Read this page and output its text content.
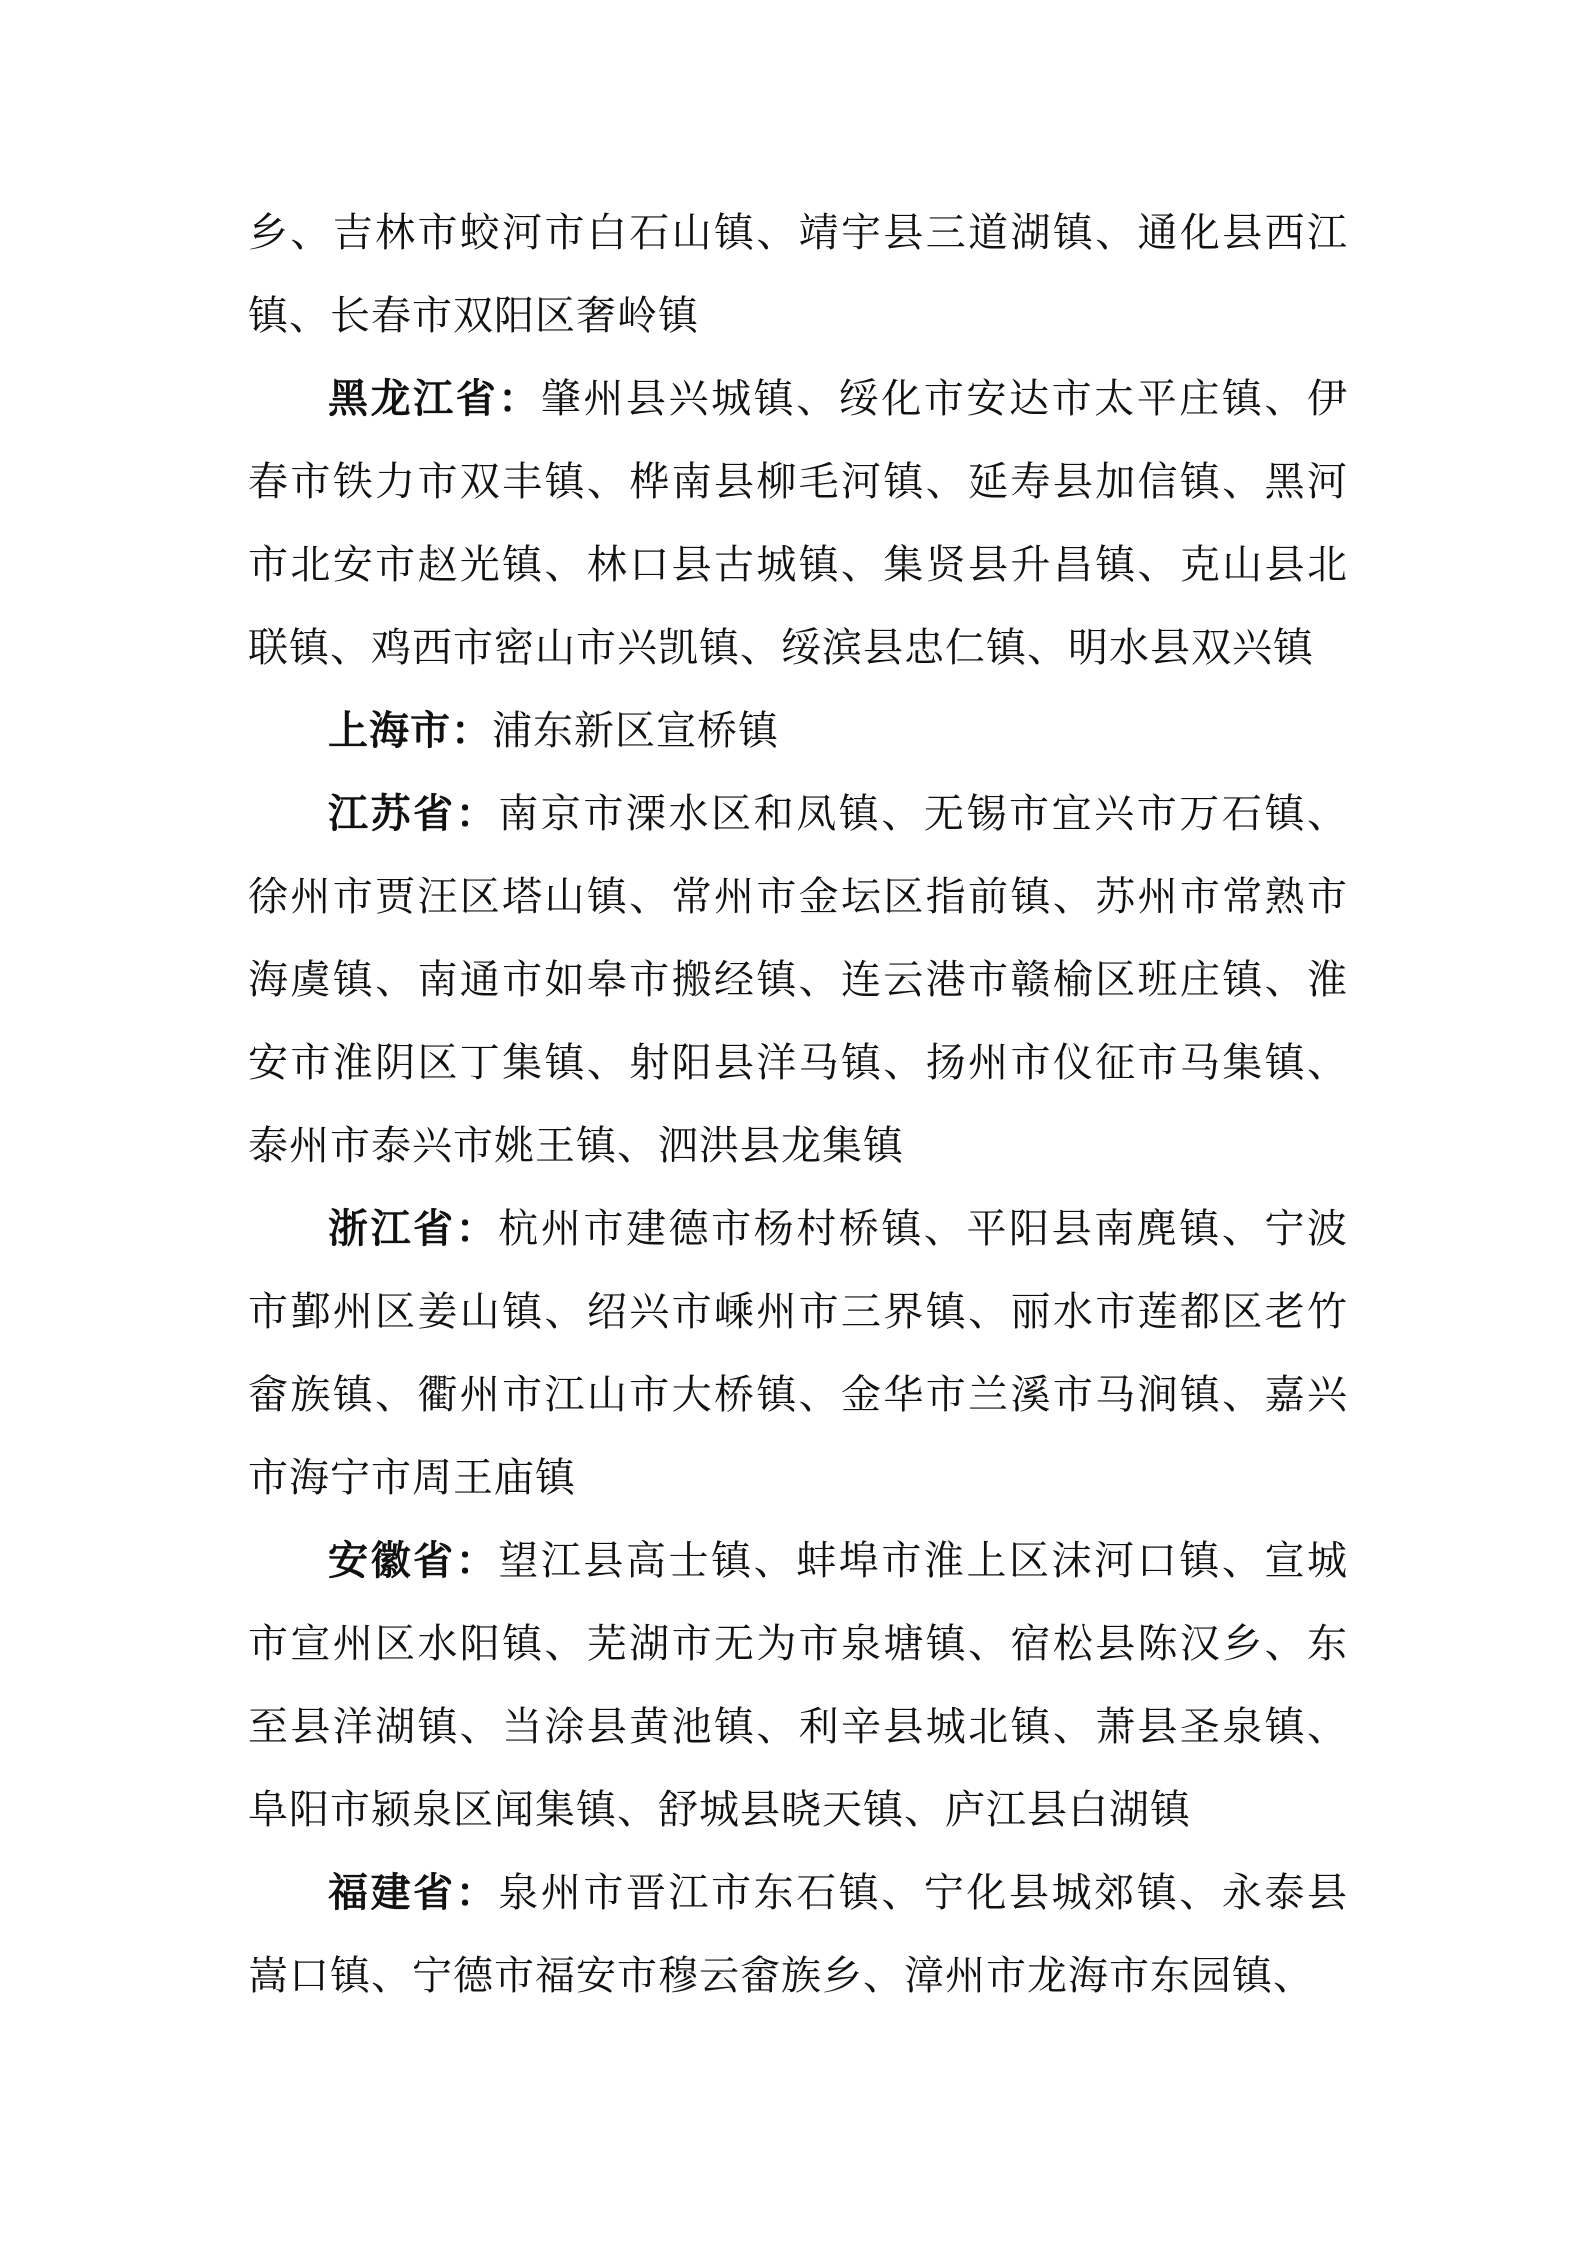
乡、吉林市蛟河市白石山镇、靖宇县三道湖镇、通化县西江
镇、长春市双阳区奢岭镇
黑龙江省：肇州县兴城镇、绥化市安达市太平庄镇、伊
春市铁力市双丰镇、桦南县柳毛河镇、延寿县加信镇、黑河
市北安市赵光镇、林口县古城镇、集贤县升昌镇、克山县北
联镇、鸡西市密山市兴凯镇、绥滨县忠仁镇、明水县双兴镇
上海市：浦东新区宣桥镇
江苏省：南京市溧水区和凤镇、无锡市宜兴市万石镇、
徐州市贾汪区塔山镇、常州市金坛区指前镇、苏州市常熟市
海虞镇、南通市如皋市搬经镇、连云港市赣榆区班庄镇、淮
安市淮阴区丁集镇、射阳县洋马镇、扬州市仪征市马集镇、
泰州市泰兴市姚王镇、泗洪县龙集镇
浙江省：杭州市建德市杨村桥镇、平阳县南麂镇、宁波
市鄞州区姜山镇、绍兴市嵊州市三界镇、丽水市莲都区老竹
畲族镇、衢州市江山市大桥镇、金华市兰溪市马涧镇、嘉兴
市海宁市周王庙镇
安徽省：望江县高士镇、蚌埠市淮上区沫河口镇、宣城
市宣州区水阳镇、芜湖市无为市泉塘镇、宿松县陈汉乡、东
至县洋湖镇、当涂县黄池镇、利辛县城北镇、萧县圣泉镇、
阜阳市颍泉区闻集镇、舒城县晓天镇、庐江县白湖镇
福建省：泉州市晋江市东石镇、宁化县城郊镇、永泰县
嵩口镇、宁德市福安市穆云畲族乡、漳州市龙海市东园镇、
